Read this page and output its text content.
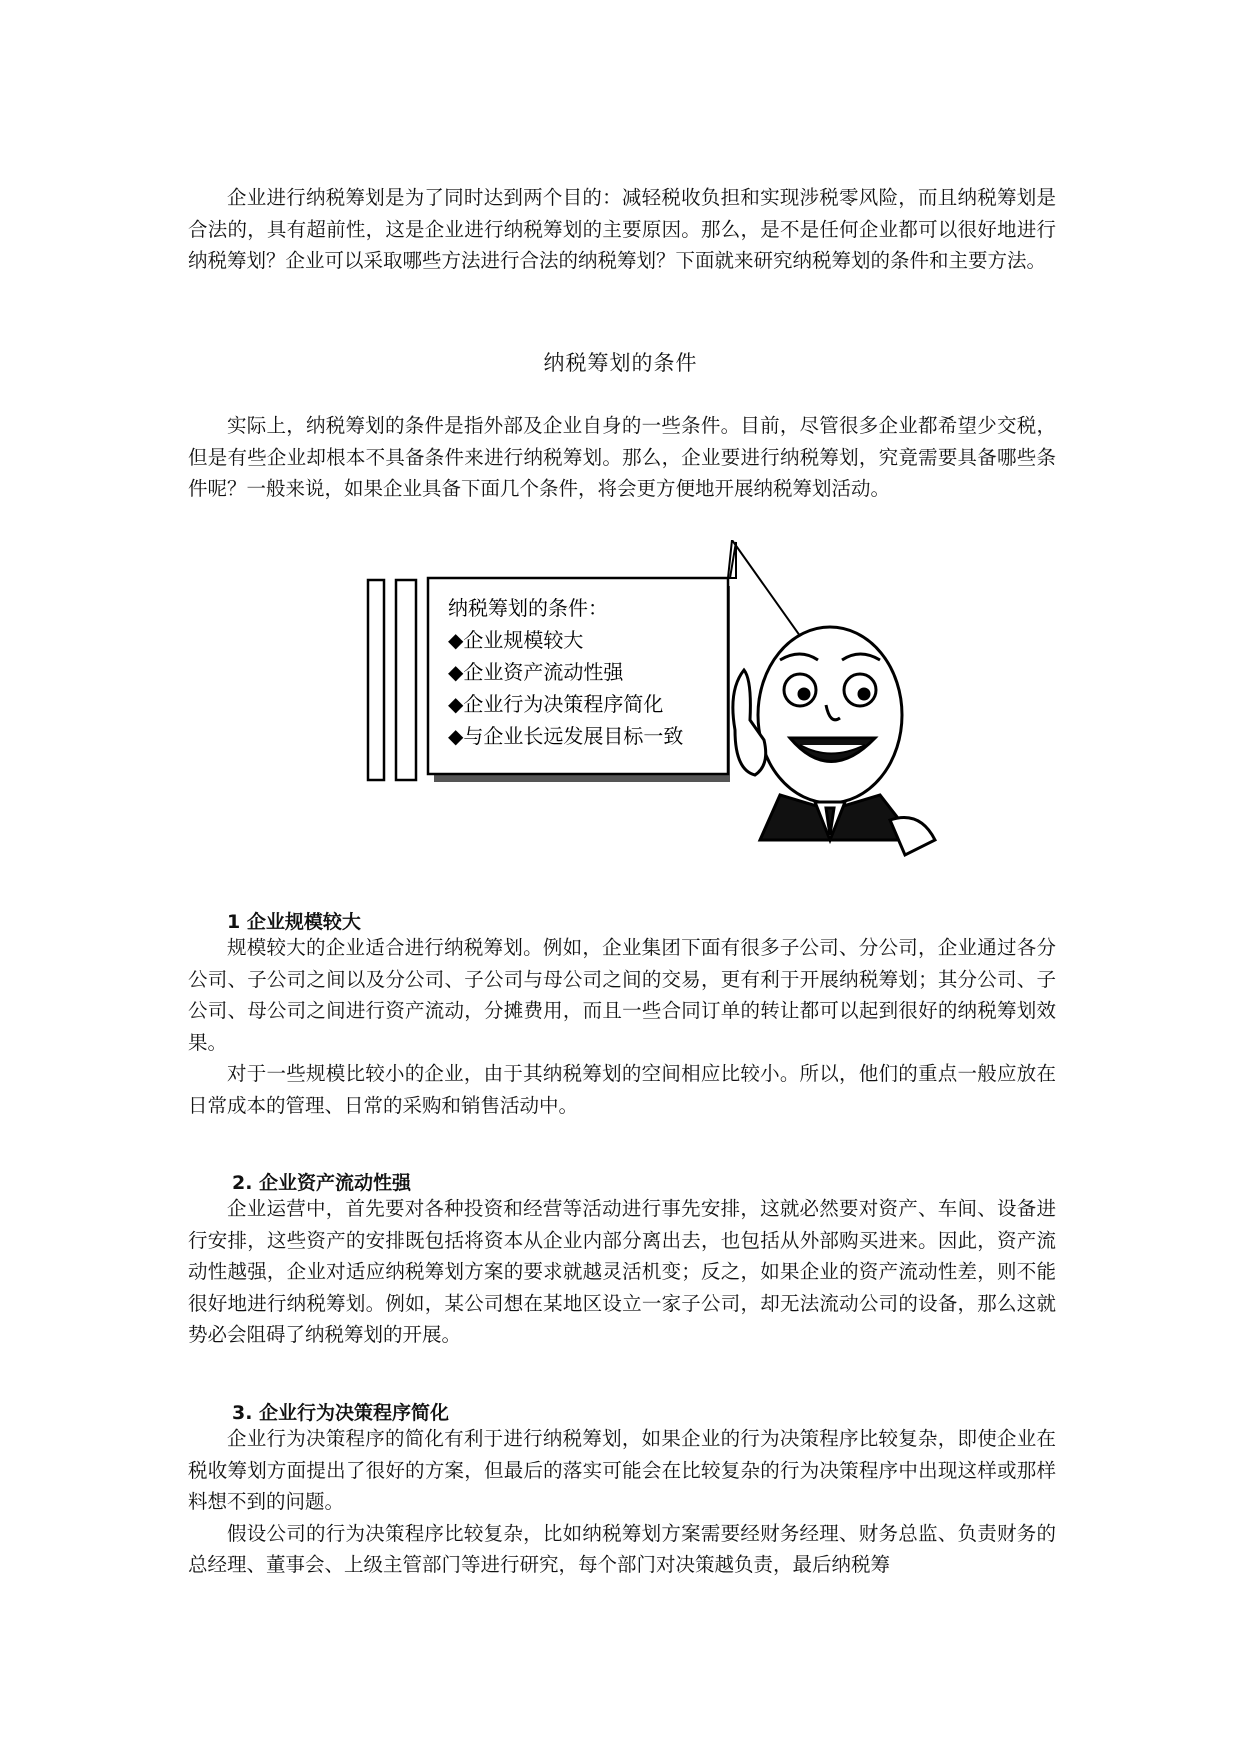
企业进行纳税筹划是为了同时达到两个目的：减轻税收负担和实现涉税零风险，而且纳税筹划是合法的，具有超前性，这是企业进行纳税筹划的主要原因。那么，是不是任何企业都可以很好地进行纳税筹划？企业可以采取哪些方法进行合法的纳税筹划？下面就来研究纳税筹划的条件和主要方法。

纳税筹划的条件

实际上，纳税筹划的条件是指外部及企业自身的一些条件。目前，尽管很多企业都希望少交税，但是有些企业却根本不具备条件来进行纳税筹划。那么，企业要进行纳税筹划，究竟需要具备哪些条件呢？一般来说，如果企业具备下面几个条件，将会更方便地开展纳税筹划活动。

纳税筹划的条件：
◆企业规模较大
◆企业资产流动性强
◆企业行为决策程序简化
◆与企业长远发展目标一致
1 企业规模较大

规模较大的企业适合进行纳税筹划。例如，企业集团下面有很多子公司、分公司，企业通过各分公司、子公司之间以及分公司、子公司与母公司之间的交易，更有利于开展纳税筹划；其分公司、子公司、母公司之间进行资产流动，分摊费用，而且一些合同订单的转让都可以起到很好的纳税筹划效果。

对于一些规模比较小的企业，由于其纳税筹划的空间相应比较小。所以，他们的重点一般应放在日常成本的管理、日常的采购和销售活动中。

2. 企业资产流动性强

企业运营中，首先要对各种投资和经营等活动进行事先安排，这就必然要对资产、车间、设备进行安排，这些资产的安排既包括将资本从企业内部分离出去，也包括从外部购买进来。因此，资产流动性越强，企业对适应纳税筹划方案的要求就越灵活机变；反之，如果企业的资产流动性差，则不能很好地进行纳税筹划。例如，某公司想在某地区设立一家子公司，却无法流动公司的设备，那么这就势必会阻碍了纳税筹划的开展。

3. 企业行为决策程序简化

企业行为决策程序的简化有利于进行纳税筹划，如果企业的行为决策程序比较复杂，即使企业在税收筹划方面提出了很好的方案，但最后的落实可能会在比较复杂的行为决策程序中出现这样或那样料想不到的问题。

假设公司的行为决策程序比较复杂，比如纳税筹划方案需要经财务经理、财务总监、负责财务的总经理、董事会、上级主管部门等进行研究，每个部门对决策越负责，最后纳税筹
